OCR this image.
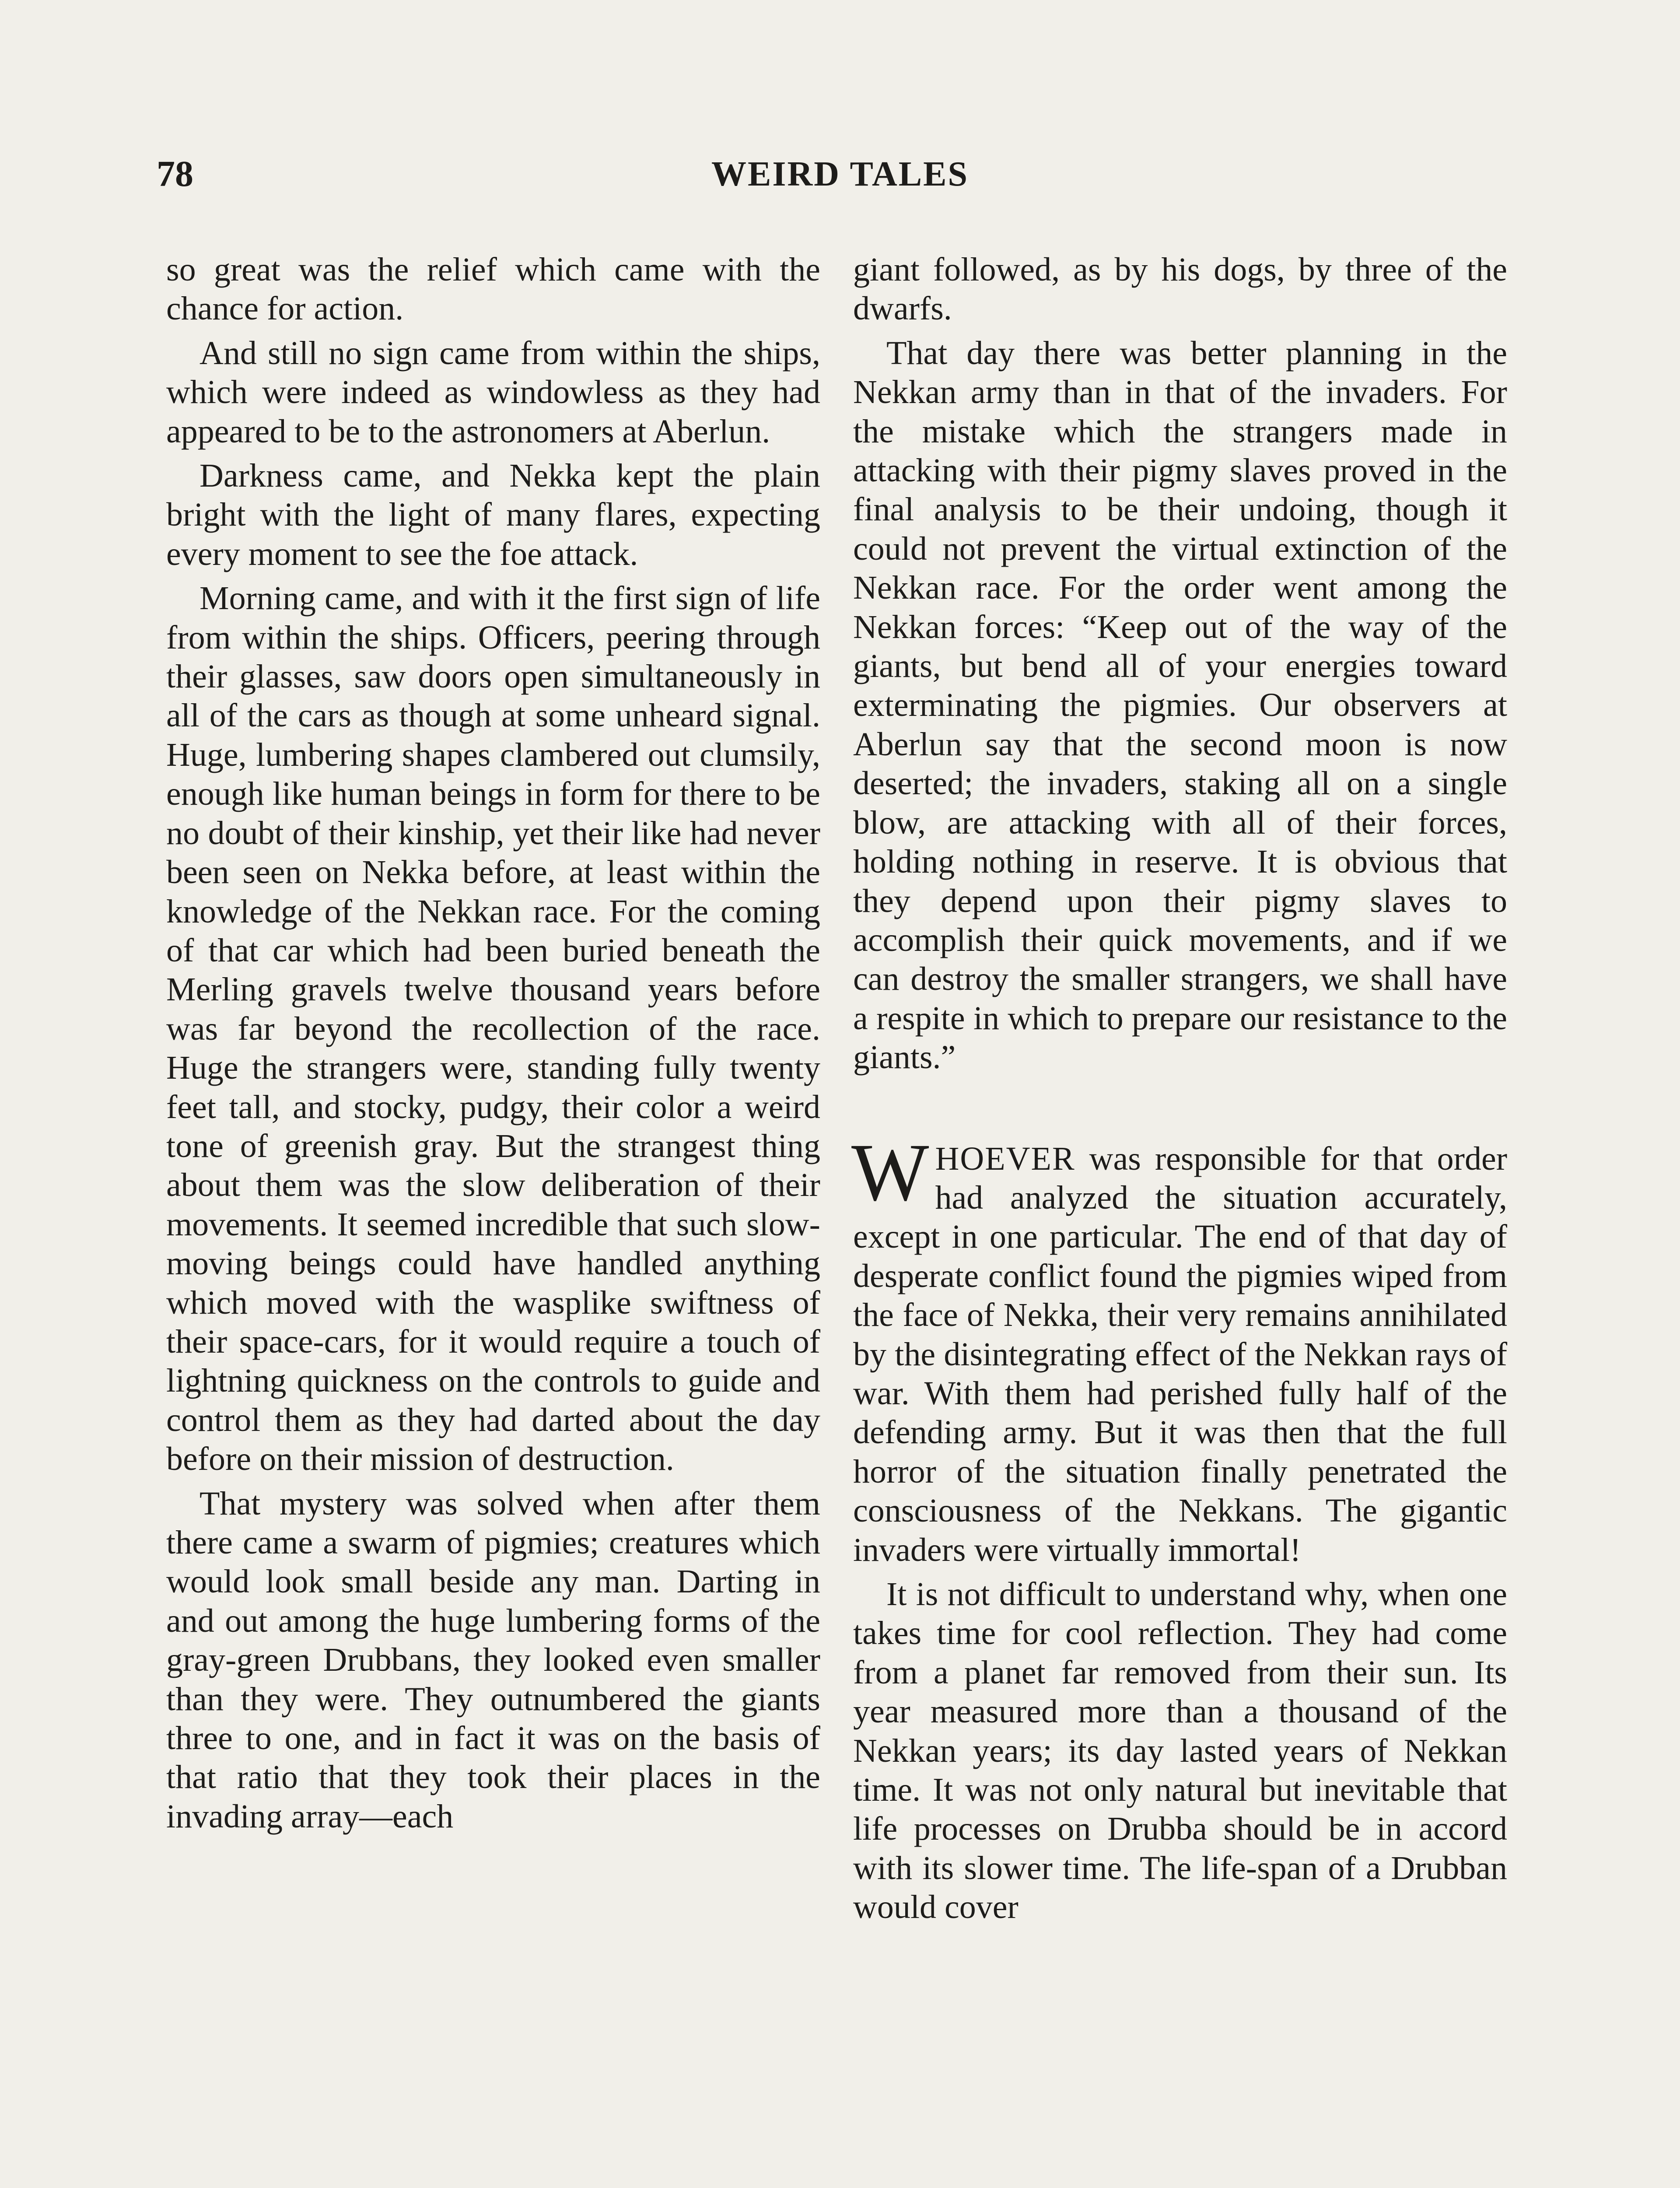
78	WEIRD TALES

so great was the relief which came with the chance for action.

And still no sign came from within the ships, which were indeed as windowless as they had appeared to be to the astronomers at Aberlun.

Darkness came, and Nekka kept the plain bright with the light of many flares, expecting every moment to see the foe attack.

Morning came, and with it the first sign of life from within the ships. Officers, peering through their glasses, saw doors open simultaneously in all of the cars as though at some unheard signal. Huge, lumbering shapes clambered out clumsily, enough like human beings in form for there to be no doubt of their kinship, yet their like had never been seen on Nekka before, at least within the knowledge of the Nekkan race. For the coming of that car which had been buried beneath the Merling gravels twelve thousand years before was far beyond the recollection of the race. Huge the strangers were, standing fully twenty feet tall, and stocky, pudgy, their color a weird tone of greenish gray. But the strangest thing about them was the slow deliberation of their movements. It seemed incredible that such slow-moving beings could have handled anything which moved with the wasplike swiftness of their space-cars, for it would require a touch of lightning quickness on the controls to guide and control them as they had darted about the day before on their mission of destruction.

That mystery was solved when after them there came a swarm of pigmies; creatures which would look small beside any man. Darting in and out among the huge lumbering forms of the gray-green Drubbans, they looked even smaller than they were. They outnumbered the giants three to one, and in fact it was on the basis of that ratio that they took their places in the invading array—each

giant followed, as by his dogs, by three of the dwarfs.

That day there was better planning in the Nekkan army than in that of the invaders. For the mistake which the strangers made in attacking with their pigmy slaves proved in the final analysis to be their undoing, though it could not prevent the virtual extinction of the Nekkan race. For the order went among the Nekkan forces: “Keep out of the way of the giants, but bend all of your energies toward exterminating the pigmies. Our observers at Aberlun say that the second moon is now deserted; the invaders, staking all on a single blow, are attacking with all of their forces, holding nothing in reserve. It is obvious that they depend upon their pigmy slaves to accomplish their quick movements, and if we can destroy the smaller strangers, we shall have a respite in which to prepare our resistance to the giants.”

WHOEVER was responsible for that order had analyzed the situation accurately, except in one particular. The end of that day of desperate conflict found the pigmies wiped from the face of Nekka, their very remains annihilated by the disintegrating effect of the Nekkan rays of war. With them had perished fully half of the defending army. But it was then that the full horror of the situation finally penetrated the consciousness of the Nekkans. The gigantic invaders were virtually immortal!

It is not difficult to understand why, when one takes time for cool reflection. They had come from a planet far removed from their sun. Its year measured more than a thousand of the Nekkan years; its day lasted years of Nekkan time. It was not only natural but inevitable that life processes on Drubba should be in accord with its slower time. The life-span of a Drubban would cover
